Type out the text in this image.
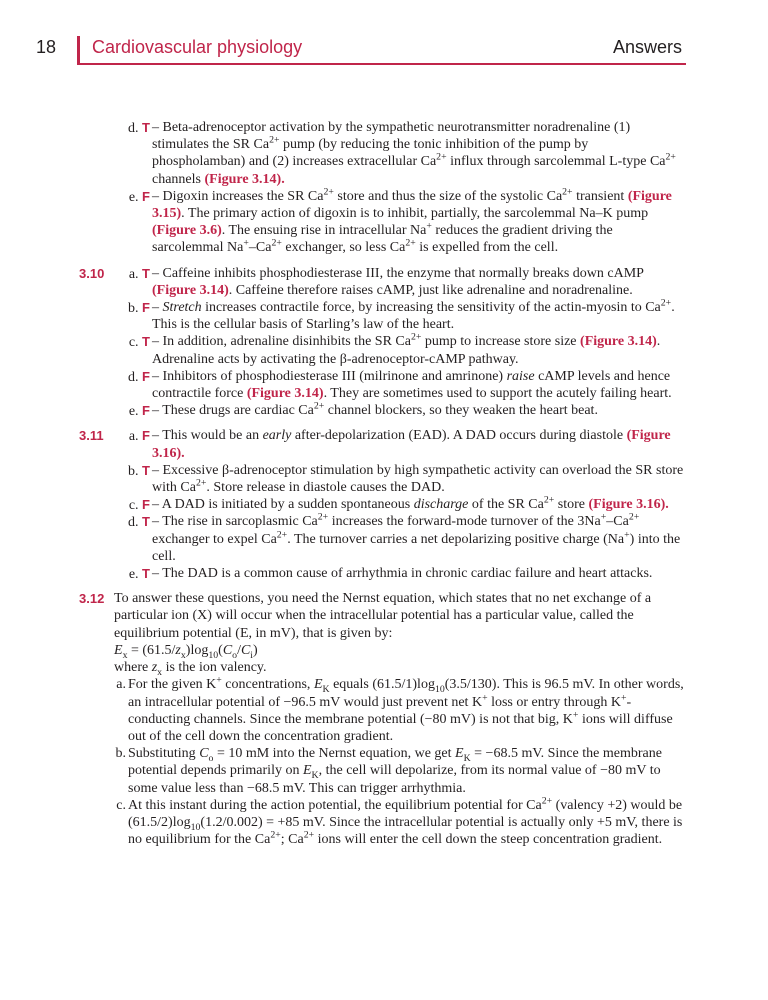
18 Cardiovascular physiology	Answers
d. T – Beta-adrenoceptor activation by the sympathetic neurotransmitter noradrenaline (1) stimulates the SR $Ca^{2+}$ pump (by reducing the tonic inhibition of the pump by phospholamban) and (2) increases extracellular $Ca^{2+}$ influx through sarcolemmal L-type $Ca^{2+}$ channels (Figure 3.14).
e. F – Digoxin increases the SR $Ca^{2+}$ store and thus the size of the systolic $Ca^{2+}$ transient (Figure 3.15). The primary action of digoxin is to inhibit, partially, the sarcolemmal Na–K pump (Figure 3.6). The ensuing rise in intracellular Na+ reduces the gradient driving the sarcolemmal $Na^+-Ca^{2+}$ exchanger, so less $Ca^{2+}$ is expelled from the cell.
3.10	a. T – Caffeine inhibits phosphodiesterase III, the enzyme that normally breaks down cAMP (Figure 3.14). Caffeine therefore raises cAMP, just like adrenaline and noradrenaline.
b. F – Stretch increases contractile force, by increasing the sensitivity of the actin-myosin to $Ca^{2+}$. This is the cellular basis of Starling’s law of the heart.
c. T – In addition, adrenaline disinhibits the SR $Ca^{2+}$ pump to increase store size (Figure 3.14). Adrenaline acts by activating the β-adrenoceptor-cAMP pathway.
d. F – Inhibitors of phosphodiesterase III (milrinone and amrinone) raise cAMP levels and hence contractile force (Figure 3.14). They are sometimes used to support the acutely failing heart.
e. F – These drugs are cardiac $Ca^{2+}$ channel blockers, so they weaken the heart beat.
3.11	a. F – This would be an early after-depolarization (EAD). A DAD occurs during diastole (Figure 3.16).
b. T – Excessive β-adrenoceptor stimulation by high sympathetic activity can overload the SR store with $Ca^{2+}$. Store release in diastole causes the DAD.
c. F – A DAD is initiated by a sudden spontaneous discharge of the SR $Ca^{2+}$ store (Figure 3.16).
d. T – The rise in sarcoplasmic $Ca^{2+}$ increases the forward-mode turnover of the $3Na^+-Ca^{2+}$ exchanger to expel $Ca^{2+}$. The turnover carries a net depolarizing positive charge (Na+) into the cell.
e. T – The DAD is a common cause of arrhythmia in chronic cardiac failure and heart attacks.
3.12 To answer these questions, you need the Nernst equation, which states that no net exchange of a particular ion (X) will occur when the intracellular potential has a particular value, called the equilibrium potential (E, in mV), that is given by:

$E_x = (61.5/z_x)\log_{10}(C_o/C_i)$

where $z_x$ is the ion valency.

a. For the given K+ concentrations, $E_K$ equals $(61.5/1)\log_{10}(3.5/130)$. This is 96.5 mV. In other words, an intracellular potential of −96.5 mV would just prevent net K+ loss or entry through K+-conducting channels. Since the membrane potential (−80 mV) is not that big, K+ ions will diffuse out of the cell down the concentration gradient.
b. Substituting $C_o = 10$ mM into the Nernst equation, we get $E_K = -68.5$ mV. Since the membrane potential depends primarily on $E_K$, the cell will depolarize, from its normal value of −80 mV to some value less than −68.5 mV. This can trigger arrhythmia.
c. At this instant during the action potential, the equilibrium potential for $Ca^{2+}$ (valency +2) would be $(61.5/2)\log_{10}(1.2/0.002) = +85$ mV. Since the intracellular potential is actually only +5 mV, there is no equilibrium for the $Ca^{2+}$; $Ca^{2+}$ ions will enter the cell down the steep concentration gradient.
